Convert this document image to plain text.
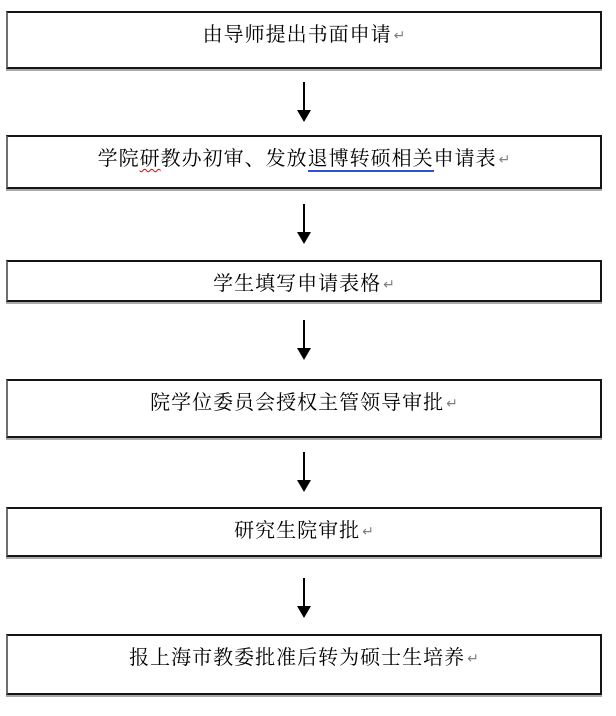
由导师提出书面申请 ↵
学院研教办初审、发放退博转硕相关申请表 ↵
学生填写申请表格 ↵
院学位委员会授权主管领导审批 ↵
研究生院审批 ↵
报上海市教委批准后转为硕士生培养 ↵
